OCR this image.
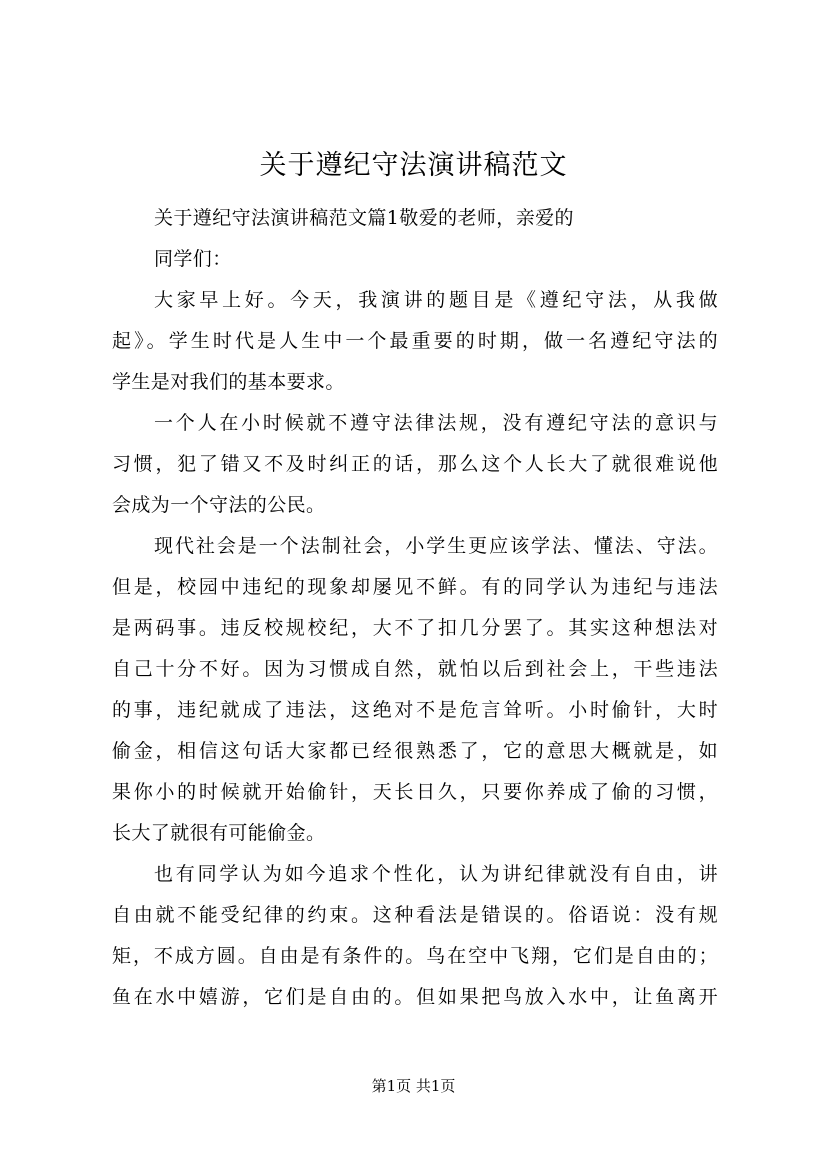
关于遵纪守法演讲稿范文
关于遵纪守法演讲稿范文篇1敬爱的老师，亲爱的
同学们：
大家早上好。今天，我演讲的题目是《遵纪守法，从我做
起》。学生时代是人生中一个最重要的时期，做一名遵纪守法的
学生是对我们的基本要求。
一个人在小时候就不遵守法律法规，没有遵纪守法的意识与
习惯，犯了错又不及时纠正的话，那么这个人长大了就很难说他
会成为一个守法的公民。
现代社会是一个法制社会，小学生更应该学法、懂法、守法。
但是，校园中违纪的现象却屡见不鲜。有的同学认为违纪与违法
是两码事。违反校规校纪，大不了扣几分罢了。其实这种想法对
自己十分不好。因为习惯成自然，就怕以后到社会上，干些违法
的事，违纪就成了违法，这绝对不是危言耸听。小时偷针，大时
偷金，相信这句话大家都已经很熟悉了，它的意思大概就是，如
果你小的时候就开始偷针，天长日久，只要你养成了偷的习惯，
长大了就很有可能偷金。
也有同学认为如今追求个性化，认为讲纪律就没有自由，讲
自由就不能受纪律的约束。这种看法是错误的。俗语说：没有规
矩，不成方圆。自由是有条件的。鸟在空中飞翔，它们是自由的；
鱼在水中嬉游，它们是自由的。但如果把鸟放入水中，让鱼离开
第1页 共1页
